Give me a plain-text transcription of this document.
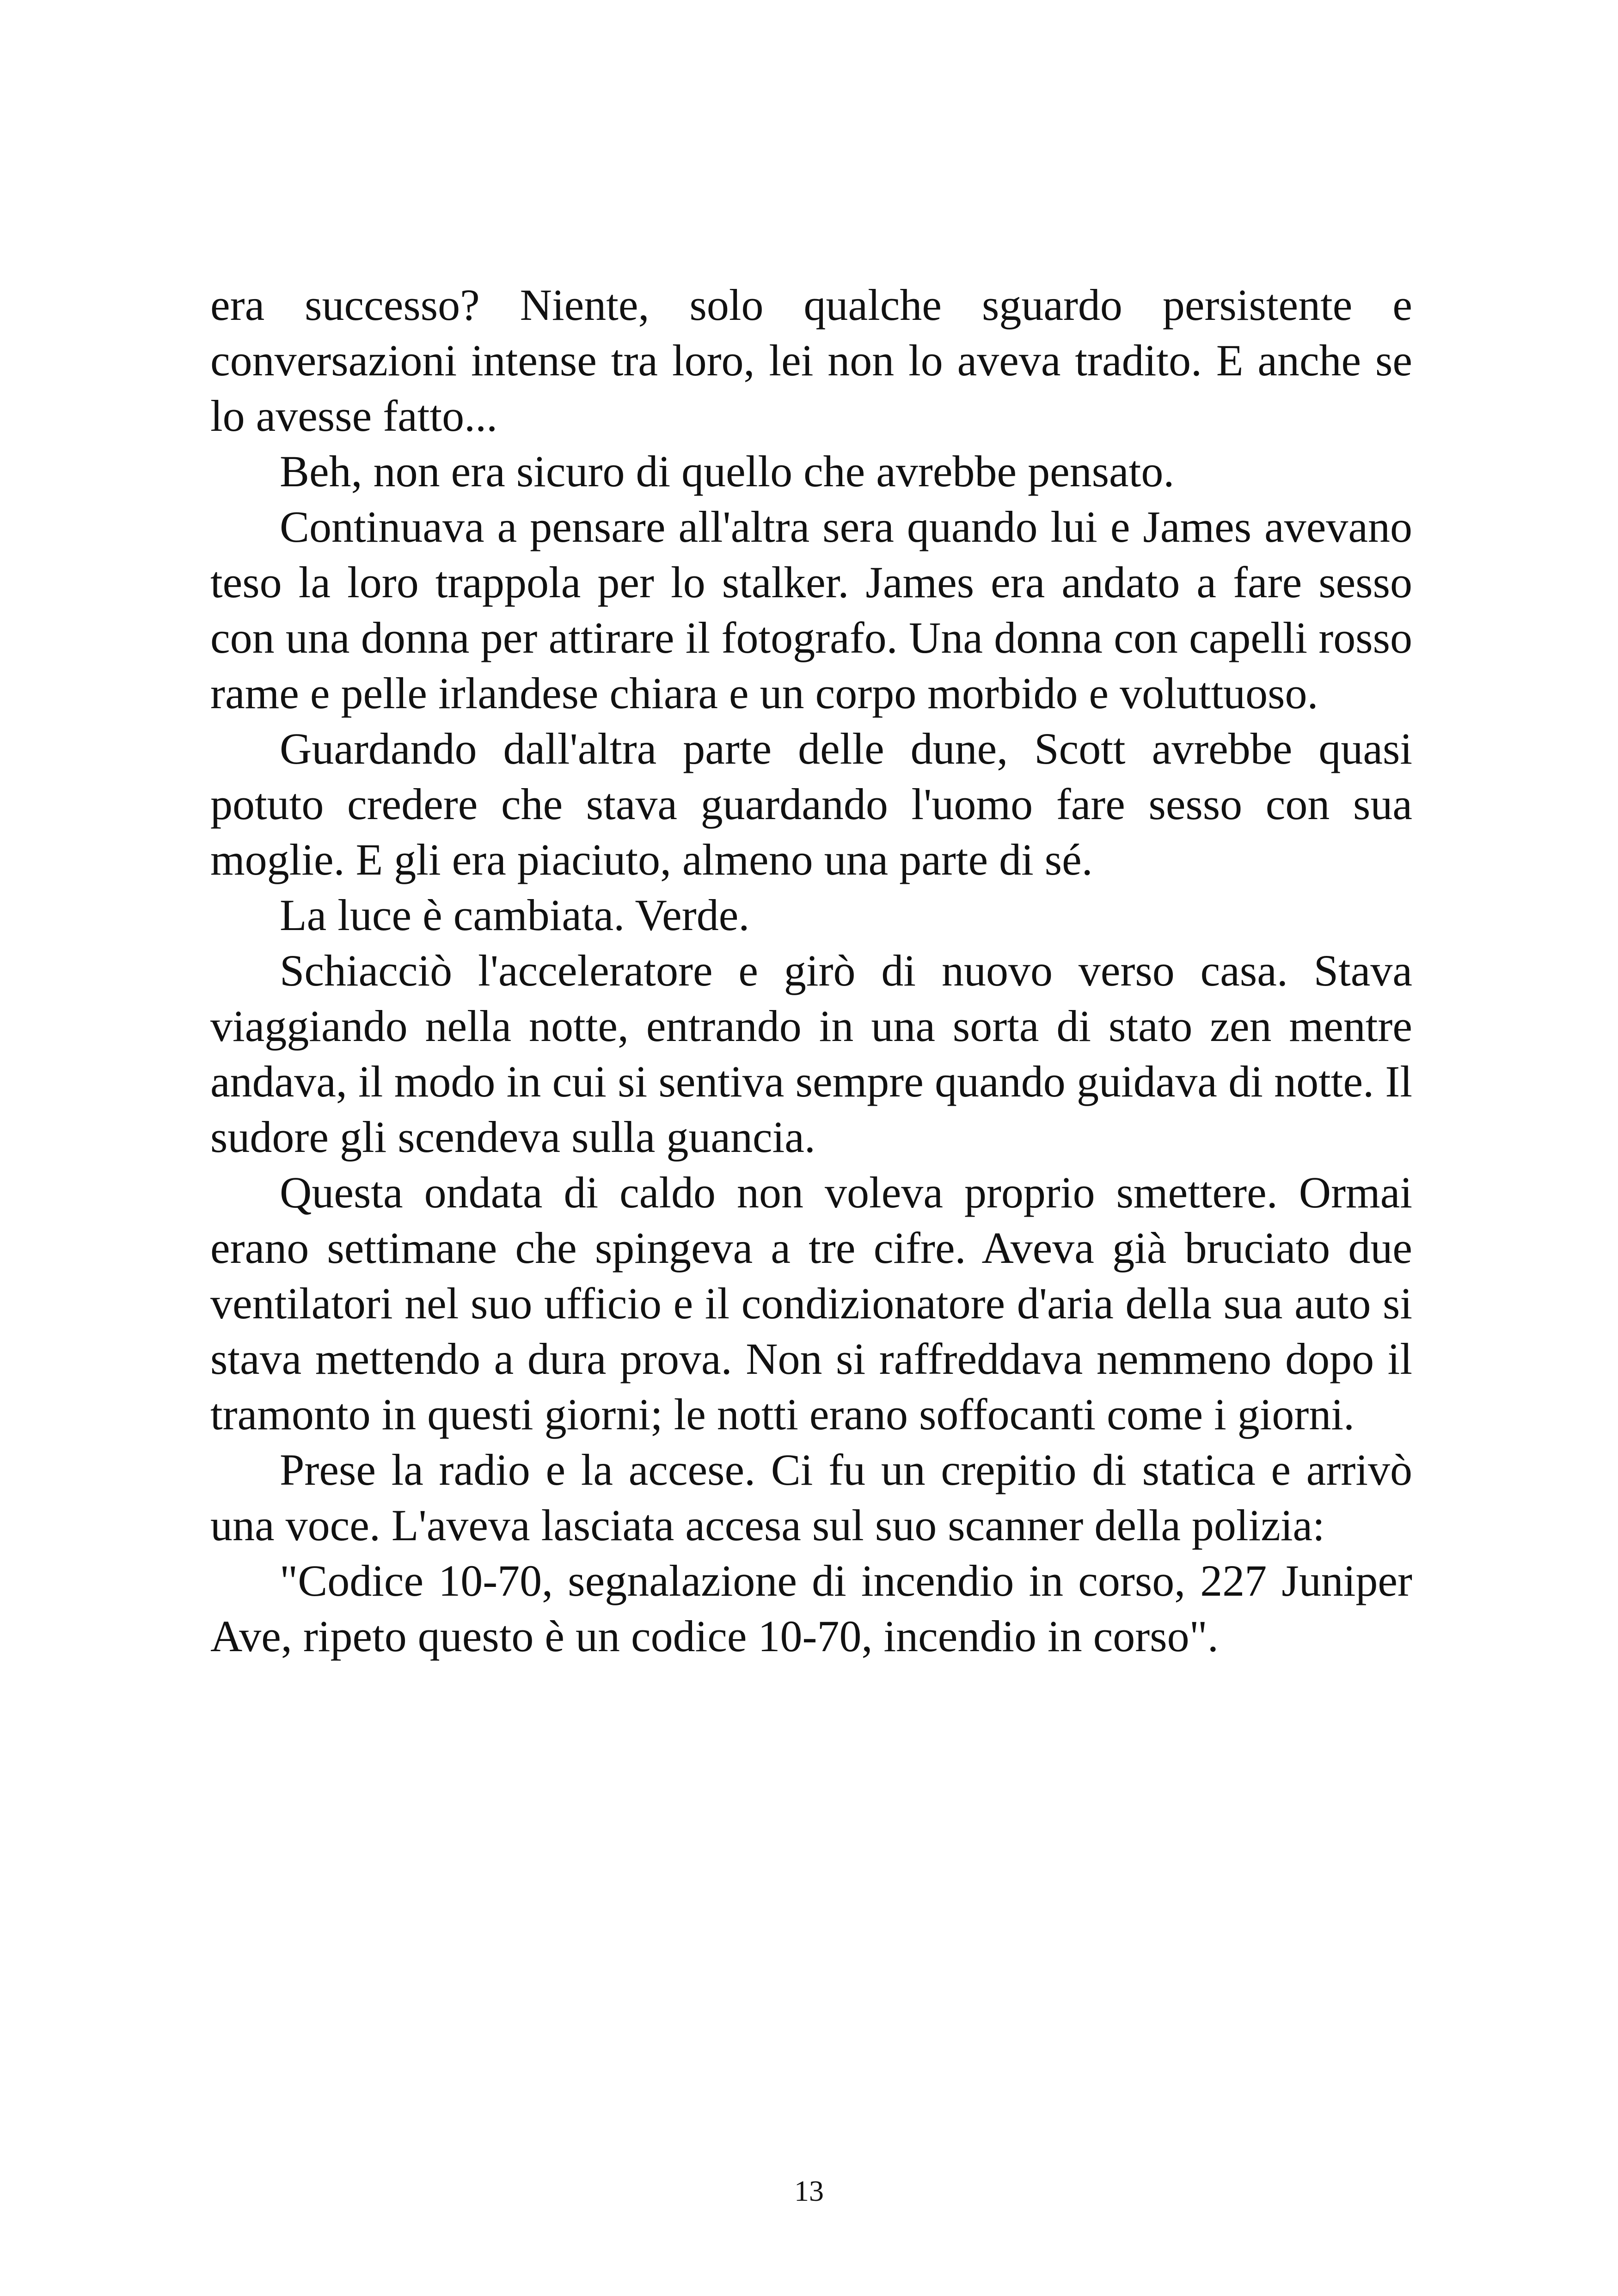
era successo? Niente, solo qualche sguardo persistente e conversazioni intense tra loro, lei non lo aveva tradito. E anche se lo avesse fatto...

Beh, non era sicuro di quello che avrebbe pensato.

Continuava a pensare all'altra sera quando lui e James avevano teso la loro trappola per lo stalker. James era andato a fare sesso con una donna per attirare il fotografo. Una donna con capelli rosso rame e pelle irlandese chiara e un corpo morbido e voluttuoso.

Guardando dall'altra parte delle dune, Scott avrebbe quasi potuto credere che stava guardando l'uomo fare sesso con sua moglie. E gli era piaciuto, almeno una parte di sé.

La luce è cambiata. Verde.

Schiacciò l'acceleratore e girò di nuovo verso casa. Stava viaggiando nella notte, entrando in una sorta di stato zen mentre andava, il modo in cui si sentiva sempre quando guidava di notte. Il sudore gli scendeva sulla guancia.

Questa ondata di caldo non voleva proprio smettere. Ormai erano settimane che spingeva a tre cifre. Aveva già bruciato due ventilatori nel suo ufficio e il condizionatore d'aria della sua auto si stava mettendo a dura prova. Non si raffreddava nemmeno dopo il tramonto in questi giorni; le notti erano soffocanti come i giorni.

Prese la radio e la accese. Ci fu un crepitio di statica e arrivò una voce. L'aveva lasciata accesa sul suo scanner della polizia:

"Codice 10-70, segnalazione di incendio in corso, 227 Juniper Ave, ripeto questo è un codice 10-70, incendio in corso".

13
